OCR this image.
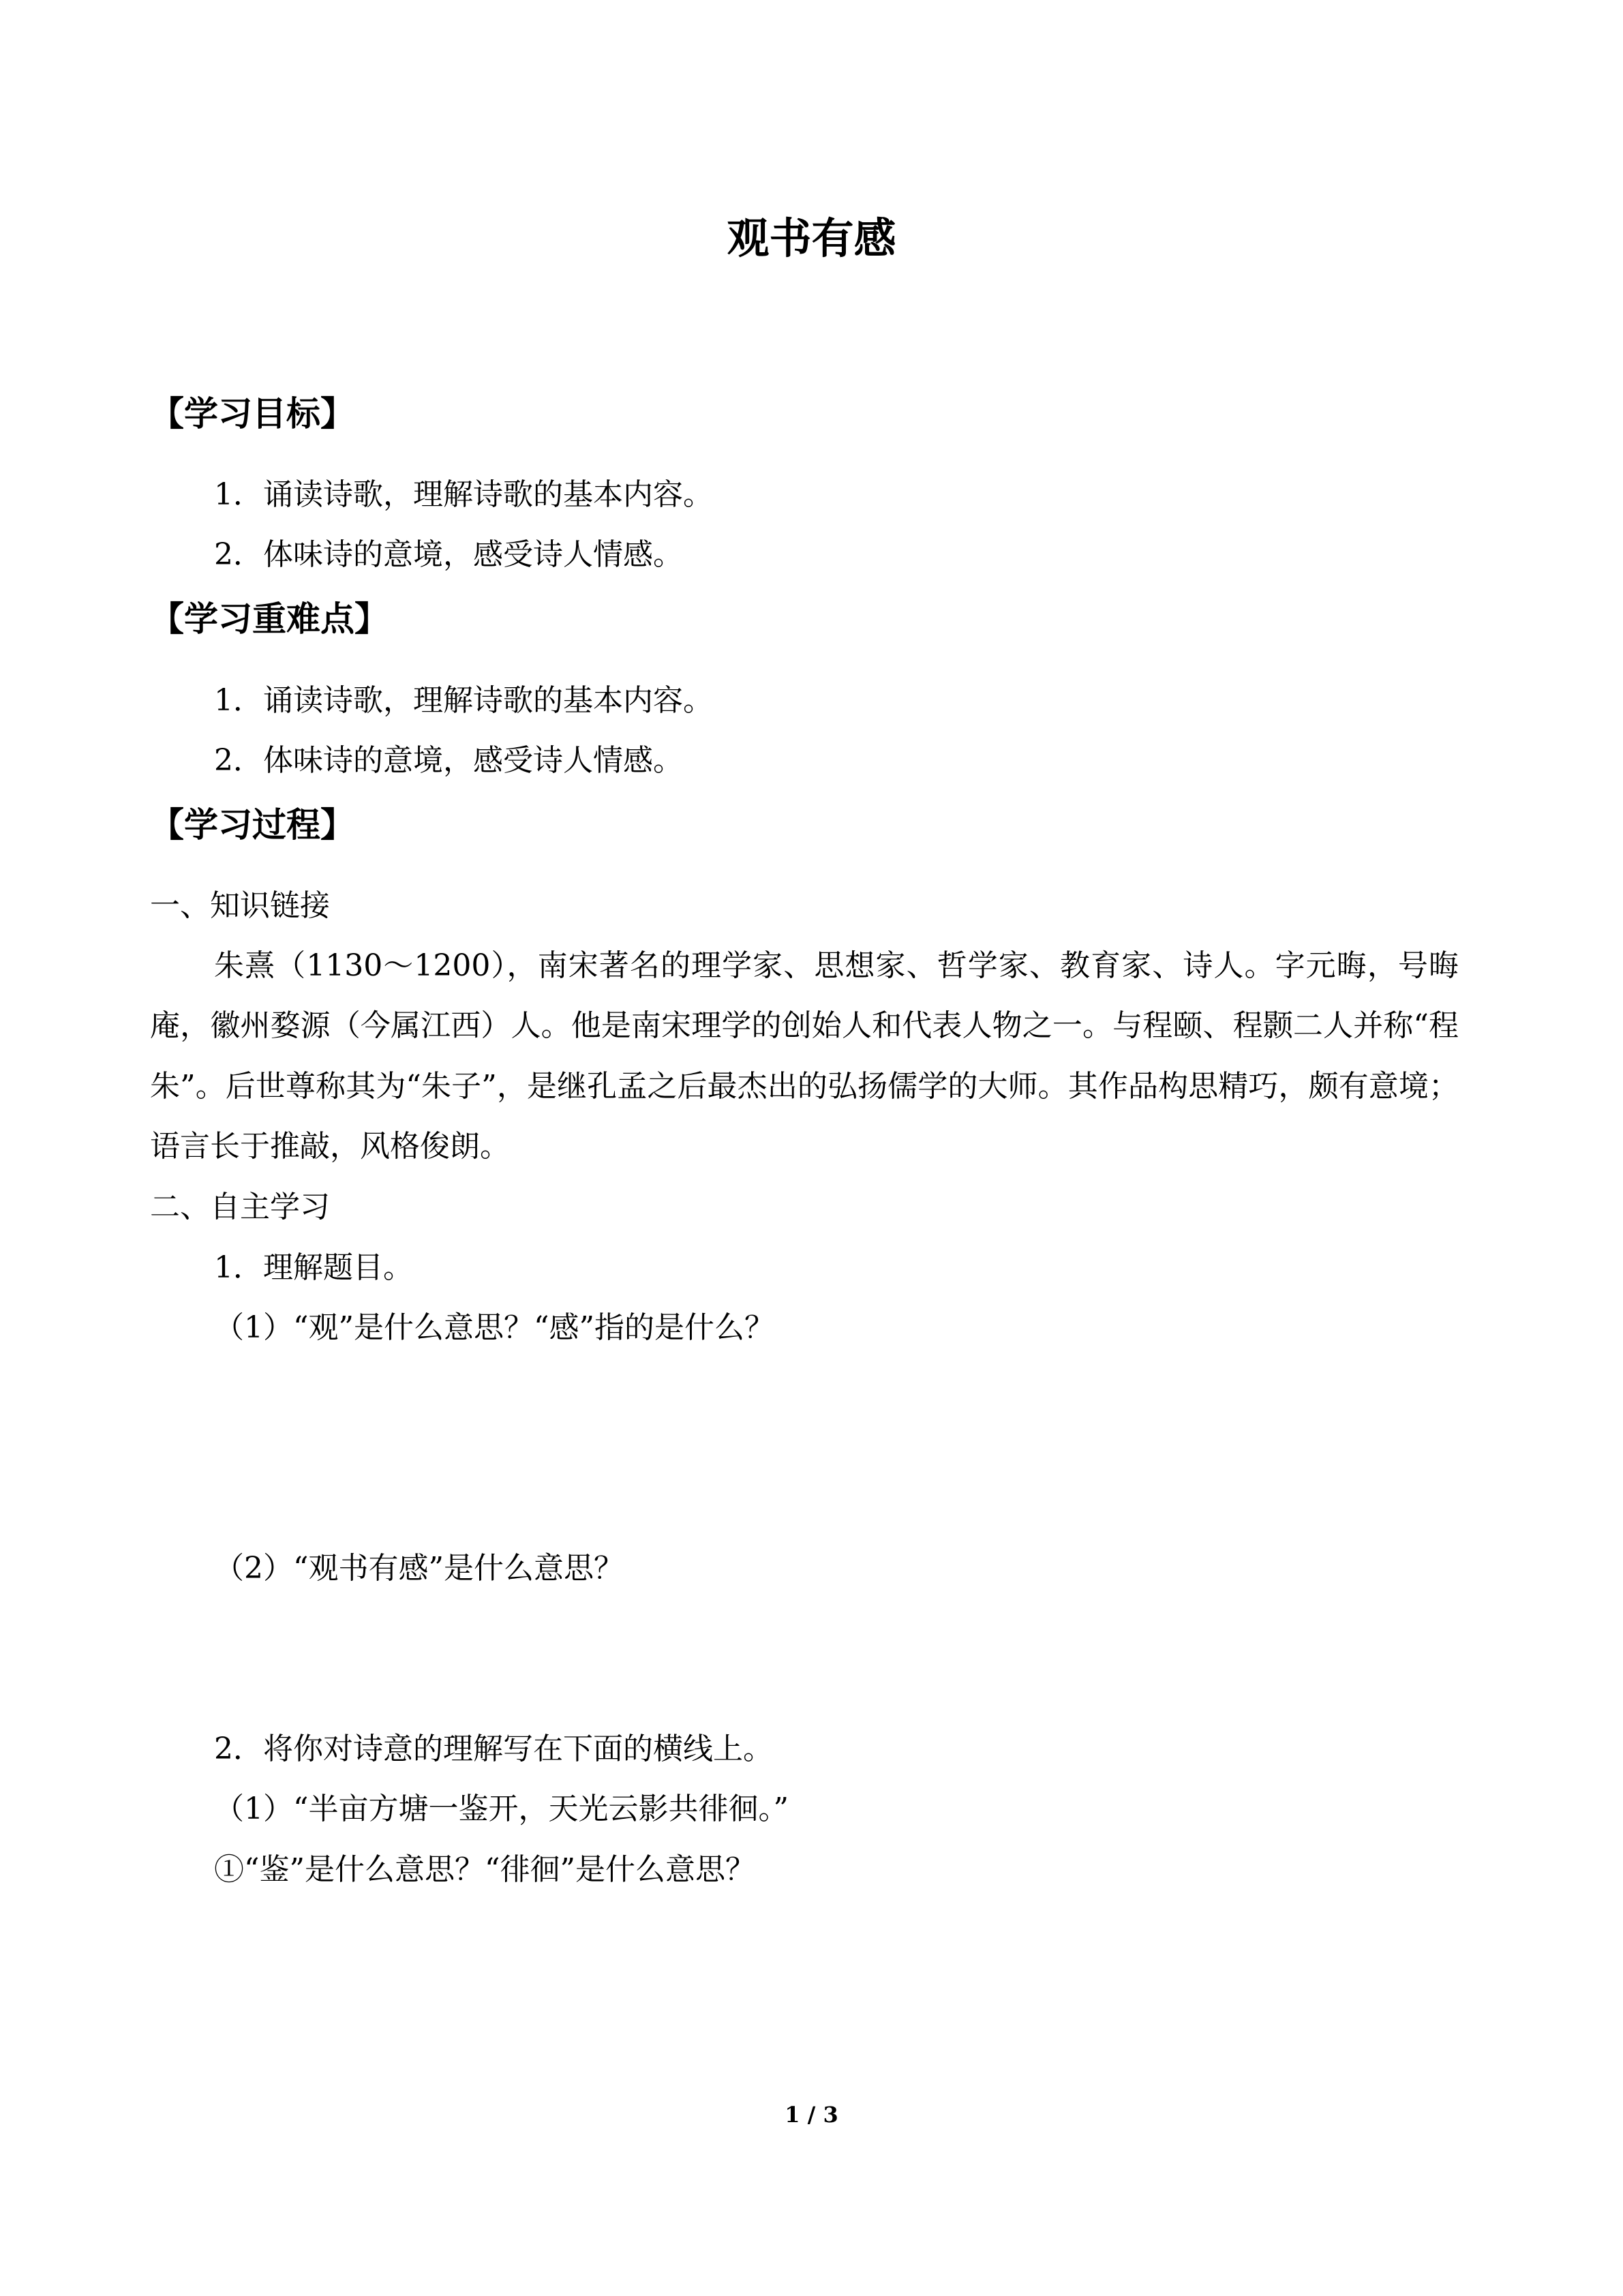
观书有感
【学习目标】
1．诵读诗歌，理解诗歌的基本内容。
2．体味诗的意境，感受诗人情感。
【学习重难点】
1．诵读诗歌，理解诗歌的基本内容。
2．体味诗的意境，感受诗人情感。
【学习过程】
一、知识链接
朱熹（1130～1200），南宋著名的理学家、思想家、哲学家、教育家、诗人。字元晦，号晦庵，徽州婺源（今属江西）人。他是南宋理学的创始人和代表人物之一。与程颐、程颢二人并称“程朱”。后世尊称其为“朱子”，是继孔孟之后最杰出的弘扬儒学的大师。其作品构思精巧，颇有意境；语言长于推敲，风格俊朗。
二、自主学习
1．理解题目。
（1）“观”是什么意思？“感”指的是什么？
（2）“观书有感”是什么意思？
2．将你对诗意的理解写在下面的横线上。
（1）“半亩方塘一鉴开，天光云影共徘徊。”
①“鉴”是什么意思？“徘徊”是什么意思？
1 / 3
